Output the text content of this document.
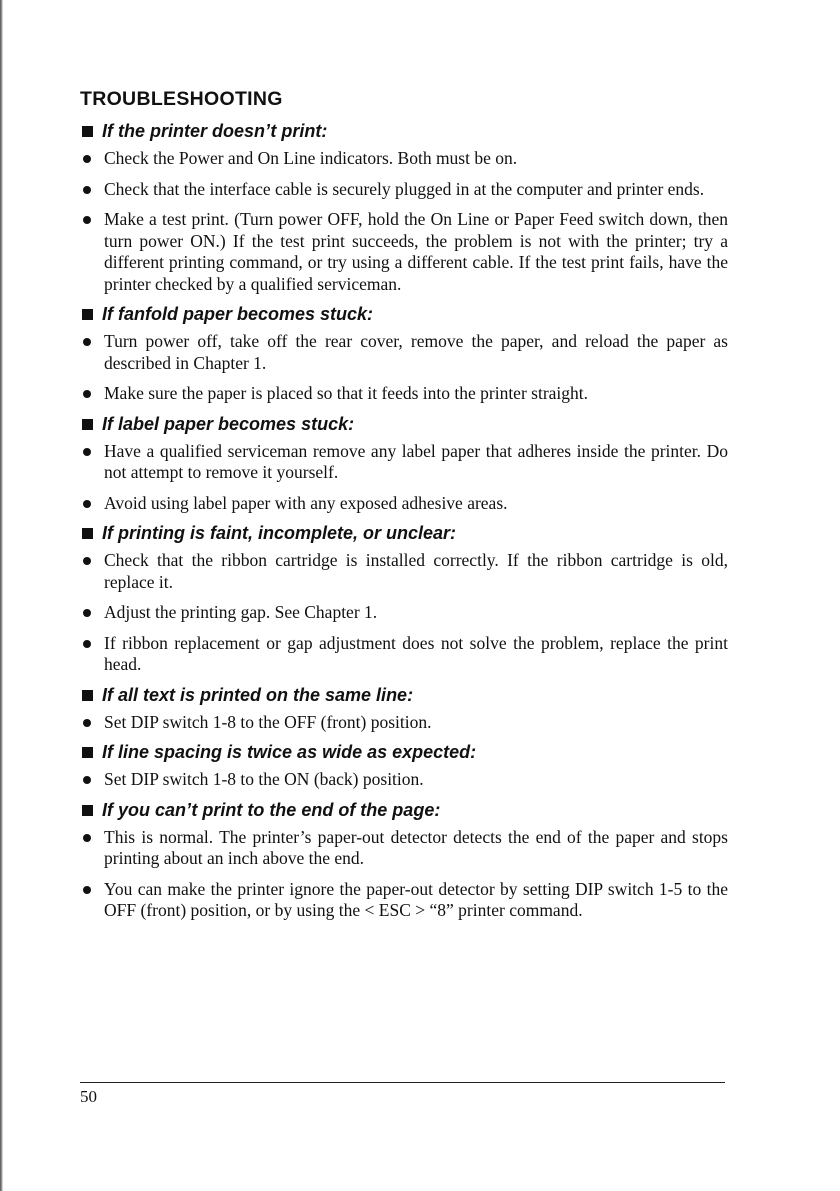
TROUBLESHOOTING
If the printer doesn’t print:
Check the Power and On Line indicators. Both must be on.
Check that the interface cable is securely plugged in at the computer and printer ends.
Make a test print. (Turn power OFF, hold the On Line or Paper Feed switch down, then turn power ON.) If the test print succeeds, the problem is not with the printer; try a different printing command, or try using a different cable. If the test print fails, have the printer checked by a qualified serviceman.
If fanfold paper becomes stuck:
Turn power off, take off the rear cover, remove the paper, and reload the paper as described in Chapter 1.
Make sure the paper is placed so that it feeds into the printer straight.
If label paper becomes stuck:
Have a qualified serviceman remove any label paper that adheres inside the printer. Do not attempt to remove it yourself.
Avoid using label paper with any exposed adhesive areas.
If printing is faint, incomplete, or unclear:
Check that the ribbon cartridge is installed correctly. If the ribbon cartridge is old, replace it.
Adjust the printing gap. See Chapter 1.
If ribbon replacement or gap adjustment does not solve the problem, replace the print head.
If all text is printed on the same line:
Set DIP switch 1-8 to the OFF (front) position.
If line spacing is twice as wide as expected:
Set DIP switch 1-8 to the ON (back) position.
If you can’t print to the end of the page:
This is normal. The printer’s paper-out detector detects the end of the paper and stops printing about an inch above the end.
You can make the printer ignore the paper-out detector by setting DIP switch 1-5 to the OFF (front) position, or by using the < ESC > “8” printer command.
50
